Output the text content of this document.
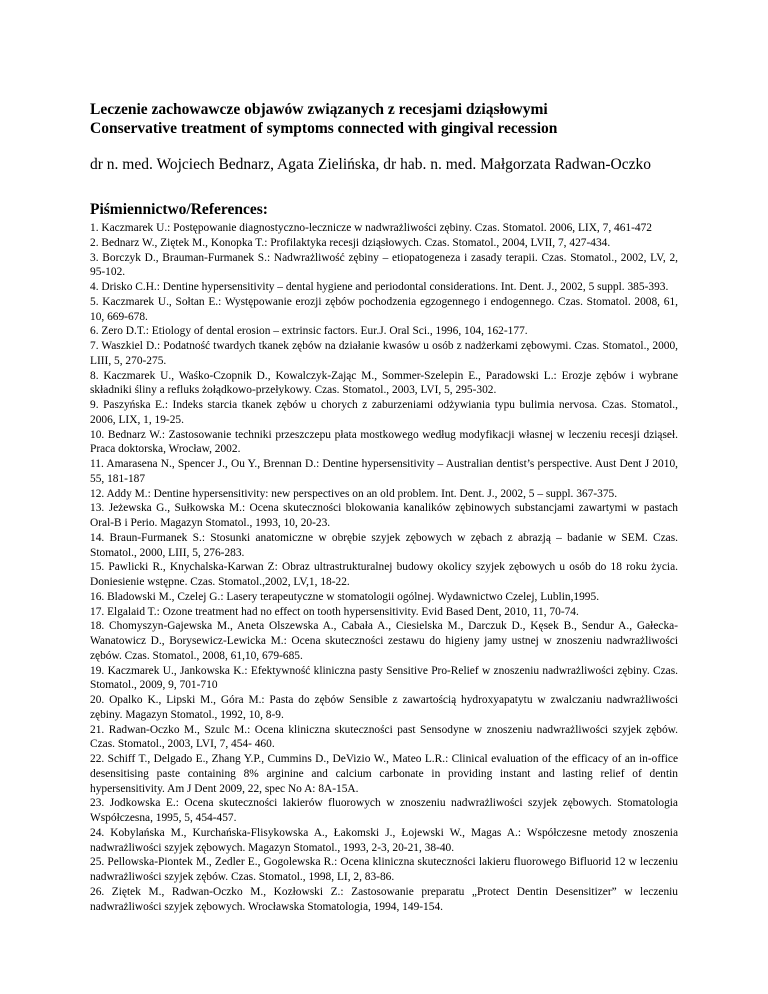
Leczenie zachowawcze objawów związanych z recesjami dziąsłowymi
Conservative treatment of symptoms connected with gingival recession
dr n. med. Wojciech Bednarz, Agata Zielińska, dr hab. n. med. Małgorzata Radwan-Oczko
Piśmiennictwo/References:
1. Kaczmarek U.: Postępowanie diagnostyczno-lecznicze w nadwrażliwości zębiny. Czas. Stomatol. 2006, LIX, 7, 461-472
2. Bednarz W., Ziętek M., Konopka T.: Profilaktyka recesji dziąsłowych. Czas. Stomatol., 2004, LVII, 7, 427-434.
3. Borczyk D., Brauman-Furmanek S.: Nadwrażliwość zębiny – etiopatogeneza i zasady terapii. Czas. Stomatol., 2002, LV, 2, 95-102.
4. Drisko C.H.: Dentine hypersensitivity – dental hygiene and periodontal considerations. Int. Dent. J., 2002, 5 suppl. 385-393.
5. Kaczmarek U., Sołtan E.: Występowanie erozji zębów pochodzenia egzogennego i endogennego. Czas. Stomatol. 2008, 61, 10, 669-678.
6. Zero D.T.: Etiology of dental erosion – extrinsic factors. Eur.J. Oral Sci., 1996, 104, 162-177.
7. Waszkiel D.: Podatność twardych tkanek zębów na działanie kwasów u osób z nadżerkami zębowymi. Czas. Stomatol., 2000, LIII, 5, 270-275.
8. Kaczmarek U., Waśko-Czopnik D., Kowalczyk-Zając M., Sommer-Szelepin E., Paradowski L.: Erozje zębów i wybrane składniki śliny a refluks żołądkowo-przełykowy. Czas. Stomatol., 2003, LVI, 5, 295-302.
9. Paszyńska E.: Indeks starcia tkanek zębów u chorych z zaburzeniami odżywiania typu bulimia nervosa. Czas. Stomatol., 2006, LIX, 1, 19-25.
10. Bednarz W.: Zastosowanie techniki przeszczepu płata mostkowego według modyfikacji własnej w leczeniu recesji dziąseł. Praca doktorska, Wrocław, 2002.
11. Amarasena N., Spencer J., Ou Y., Brennan D.: Dentine hypersensitivity – Australian dentist’s perspective. Aust Dent J 2010, 55, 181-187
12. Addy M.: Dentine hypersensitivity: new perspectives on an old problem. Int. Dent. J., 2002, 5 – suppl. 367-375.
13. Jeżewska G., Sułkowska M.: Ocena skuteczności blokowania kanalików zębinowych substancjami zawartymi w pastach Oral-B i Perio. Magazyn Stomatol., 1993, 10, 20-23.
14. Braun-Furmanek S.: Stosunki anatomiczne w obrębie szyjek zębowych w zębach z abrazją – badanie w SEM. Czas. Stomatol., 2000, LIII, 5, 276-283.
15. Pawlicki R., Knychalska-Karwan Z: Obraz ultrastrukturalnej budowy okolicy szyjek zębowych u osób do 18 roku życia. Doniesienie wstępne. Czas. Stomatol.,2002, LV,1, 18-22.
16. Bladowski M., Czelej G.: Lasery terapeutyczne w stomatologii ogólnej. Wydawnictwo Czelej, Lublin,1995.
17. Elgalaid T.: Ozone treatment had no effect on tooth hypersensitivity. Evid Based Dent, 2010, 11, 70-74.
18. Chomyszyn-Gajewska M., Aneta Olszewska A., Cabała A., Ciesielska M., Darczuk D., Kęsek B., Sendur A., Gałecka-Wanatowicz D., Borysewicz-Lewicka M.: Ocena skuteczności zestawu do higieny jamy ustnej w znoszeniu nadwrażliwości zębów. Czas. Stomatol., 2008, 61,10, 679-685.
19. Kaczmarek U., Jankowska K.: Efektywność kliniczna pasty Sensitive Pro-Relief w znoszeniu nadwrażliwości zębiny. Czas. Stomatol., 2009, 9, 701-710
20. Opalko K., Lipski M., Góra M.: Pasta do zębów Sensible z zawartością hydroxyapatytu w zwalczaniu nadwrażliwości zębiny. Magazyn Stomatol., 1992, 10, 8-9.
21. Radwan-Oczko M., Szulc M.: Ocena kliniczna skuteczności past Sensodyne w znoszeniu nadwrażliwości szyjek zębów. Czas. Stomatol., 2003, LVI, 7, 454- 460.
22. Schiff T., Delgado E., Zhang Y.P., Cummins D., DeVizio W., Mateo L.R.: Clinical evaluation of the efficacy of an in-office desensitising paste containing 8% arginine and calcium carbonate in providing instant and lasting relief of dentin hypersensitivity. Am J Dent 2009, 22, spec No A: 8A-15A.
23. Jodkowska E.: Ocena skuteczności lakierów fluorowych w znoszeniu nadwrażliwości szyjek zębowych. Stomatologia Współczesna, 1995, 5, 454-457.
24. Kobylańska M., Kurchańska-Flisykowska A., Łakomski J., Łojewski W., Magas A.: Współczesne metody znoszenia nadwrażliwości szyjek zębowych. Magazyn Stomatol., 1993, 2-3, 20-21, 38-40.
25. Pellowska-Piontek M., Zedler E., Gogolewska R.: Ocena kliniczna skuteczności lakieru fluorowego Bifluorid 12 w leczeniu nadwrażliwości szyjek zębów. Czas. Stomatol., 1998, LI, 2, 83-86.
26. Ziętek M., Radwan-Oczko M., Kozłowski Z.: Zastosowanie preparatu „Protect Dentin Desensitizer” w leczeniu nadwrażliwości szyjek zębowych. Wrocławska Stomatologia, 1994, 149-154.
